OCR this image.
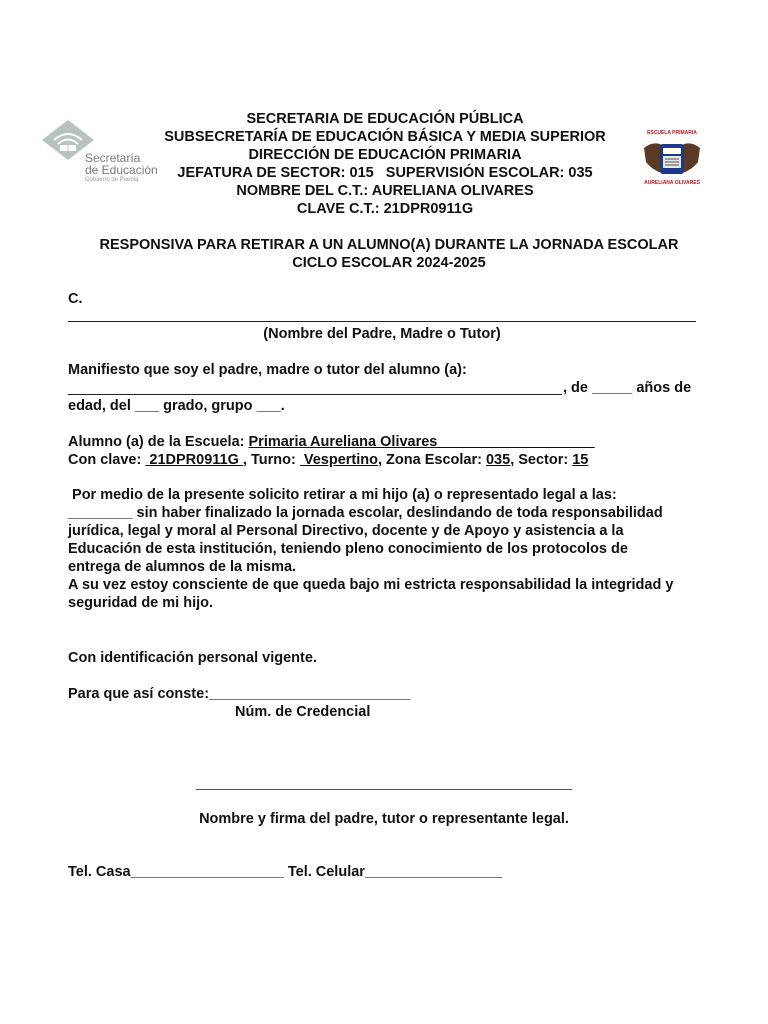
Secretaría
de Educación
Gobierno de Puebla
SECRETARIA DE EDUCACIÓN PÚBLICA
SUBSECRETARÍA DE EDUCACIÓN BÁSICA Y MEDIA SUPERIOR
DIRECCIÓN DE EDUCACIÓN PRIMARIA
JEFATURA DE SECTOR: 015   SUPERVISIÓN ESCOLAR: 035
NOMBRE DEL C.T.: AURELIANA OLIVARES
CLAVE C.T.: 21DPR0911G
ESCUELA PRIMARIA
AURELIANA OLIVARES
RESPONSIVA PARA RETIRAR A UN ALUMNO(A) DURANTE LA JORNADA ESCOLAR
CICLO ESCOLAR 2024-2025
C.
(Nombre del Padre, Madre o Tutor)
Manifiesto que soy el padre, madre o tutor del alumno (a):
, de _____ años de
edad, del ___ grado, grupo ___.
Alumno (a) de la Escuela: Primaria Aureliana Olivares ___________________
Con clave:  21DPR0911G , Turno:  Vespertino, Zona Escolar: 035, Sector: 15
Por medio de la presente solicito retirar a mi hijo (a) o representado legal a las:
________ sin haber finalizado la jornada escolar, deslindando de toda responsabilidad
jurídica, legal y moral al Personal Directivo, docente y de Apoyo y asistencia a la
Educación de esta institución, teniendo pleno conocimiento de los protocolos de
entrega de alumnos de la misma.
A su vez estoy consciente de que queda bajo mi estricta responsabilidad la integridad y
seguridad de mi hijo.
Con identificación personal vigente.
Para que así conste:_________________________
Núm. de Credencial
Nombre y firma del padre, tutor o representante legal.
Tel. Casa___________________ Tel. Celular_________________
